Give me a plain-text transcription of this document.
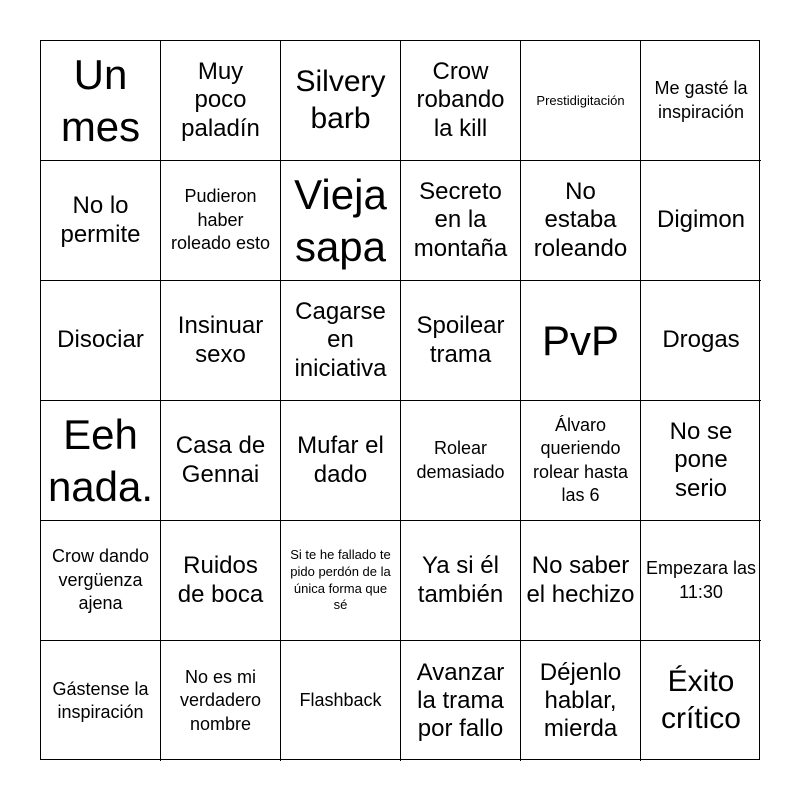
Un mes
Muy poco paladín
Silvery barb
Crow robando la kill
Prestidigitación
Me gasté la inspiración
No lo permite
Pudieron haber roleado esto
Vieja sapa
Secreto en la montaña
No estaba roleando
Digimon
Disociar
Insinuar sexo
Cagarse en iniciativa
Spoilear trama	PvP Drogas
Eeh nada.
Casa de Gennai
Mufar el dado
Rolear demasiado
Álvaro queriendo rolear hasta las 6
No se pone serio
Crow dando vergüenza ajena
Ruidos de boca
Si te he fallado te pido perdón de la única forma que sé
Ya si él también
No saber el hechizo
Empezara las 11:30
Gástense la inspiración
No es mi verdadero nombre
Flashback
Avanzar la trama por fallo
Déjenlo hablar, mierda
Éxito crítico
